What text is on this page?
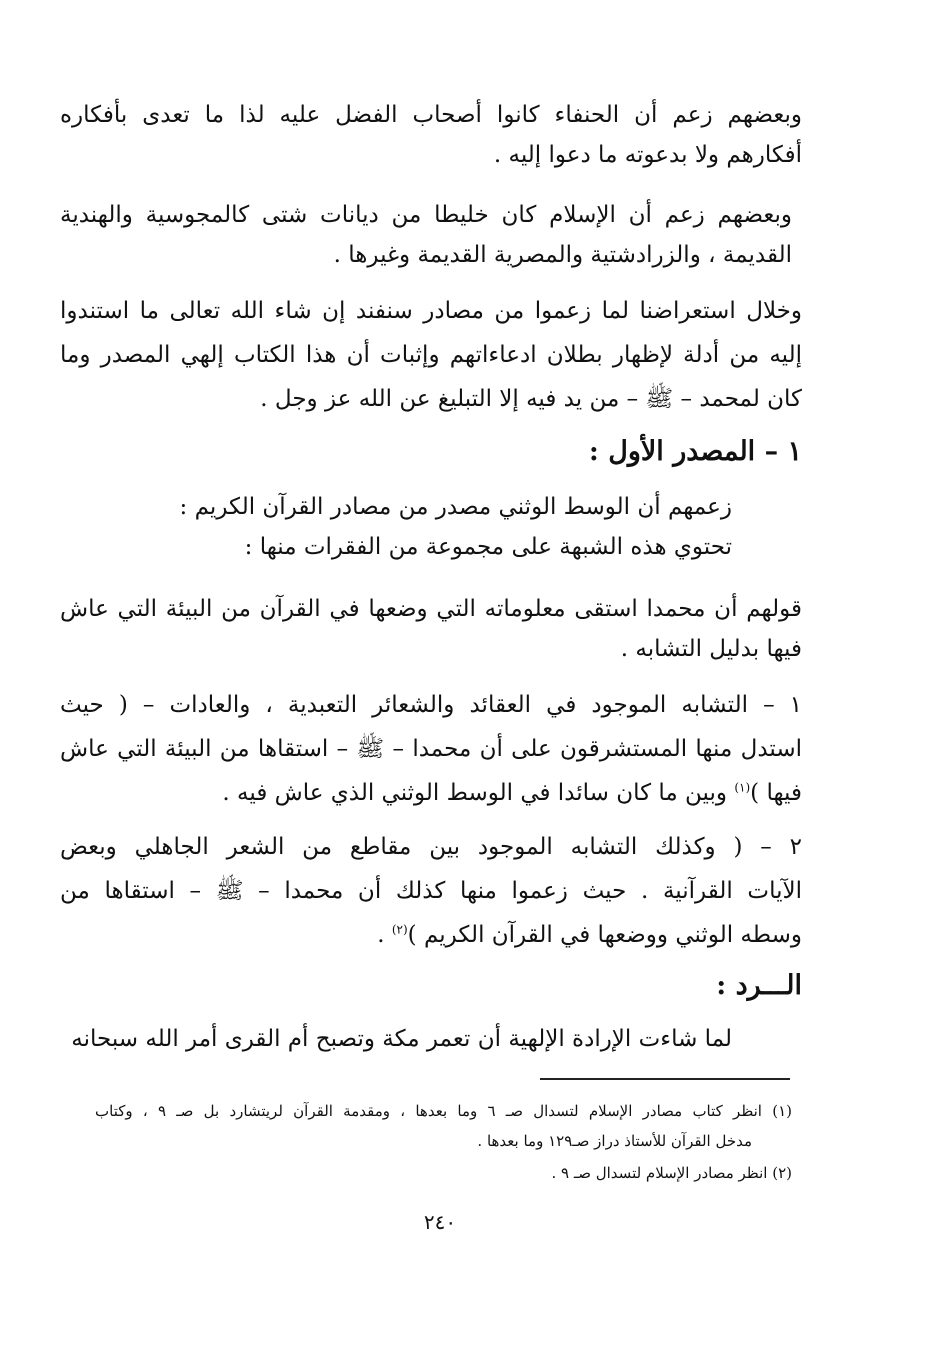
وبعضهم زعم أن الحنفاء كانوا أصحاب الفضل عليه لذا ما تعدى بأفكاره
أفكارهم ولا بدعوته ما دعوا إليه .
وبعضهم زعم أن الإسلام كان خليطا من ديانات شتى كالمجوسية والهندية
القديمة ، والزرادشتية والمصرية القديمة وغيرها .
وخلال استعراضنا لما زعموا من مصادر سنفند إن شاء الله تعالى ما استندوا
إليه من أدلة لإظهار بطلان ادعاءاتهم وإثبات أن هذا الكتاب إلهي المصدر وما
كان لمحمد – ﷺ – من يد فيه إلا التبليغ عن الله عز وجل .
١ – المصدر الأول :
زعمهم أن الوسط الوثني مصدر من مصادر القرآن الكريم :
تحتوي هذه الشبهة على مجموعة من الفقرات منها :
قولهم أن محمدا استقى معلوماته التي وضعها في القرآن من البيئة التي عاش
فيها بدليل التشابه .
١ – التشابه الموجود في العقائد والشعائر التعبدية ، والعادات – ( حيث
استدل منها المستشرقون على أن محمدا – ﷺ – استقاها من البيئة التي عاش
فيها )$^{(١)}$ وبين ما كان سائدا في الوسط الوثني الذي عاش فيه .
٢ – ( وكذلك التشابه الموجود بين مقاطع من الشعر الجاهلي وبعض
الآيات القرآنية . حيث زعموا منها كذلك أن محمدا – ﷺ – استقاها من
وسطه الوثني ووضعها في القرآن الكريم )$^{(٢)}$ .
الـــرد :
لما شاءت الإرادة الإلهية أن تعمر مكة وتصبح أم القرى أمر الله سبحانه
(١) انظر كتاب مصادر الإسلام لتسدال صـ ٦ وما بعدها ، ومقدمة القرآن لريتشارد بل صـ ٩ ، وكتاب
مدخل القرآن للأستاذ دراز صـ١٢٩ وما بعدها .
(٢) انظر مصادر الإسلام لتسدال صـ ٩ .
٢٤٠
